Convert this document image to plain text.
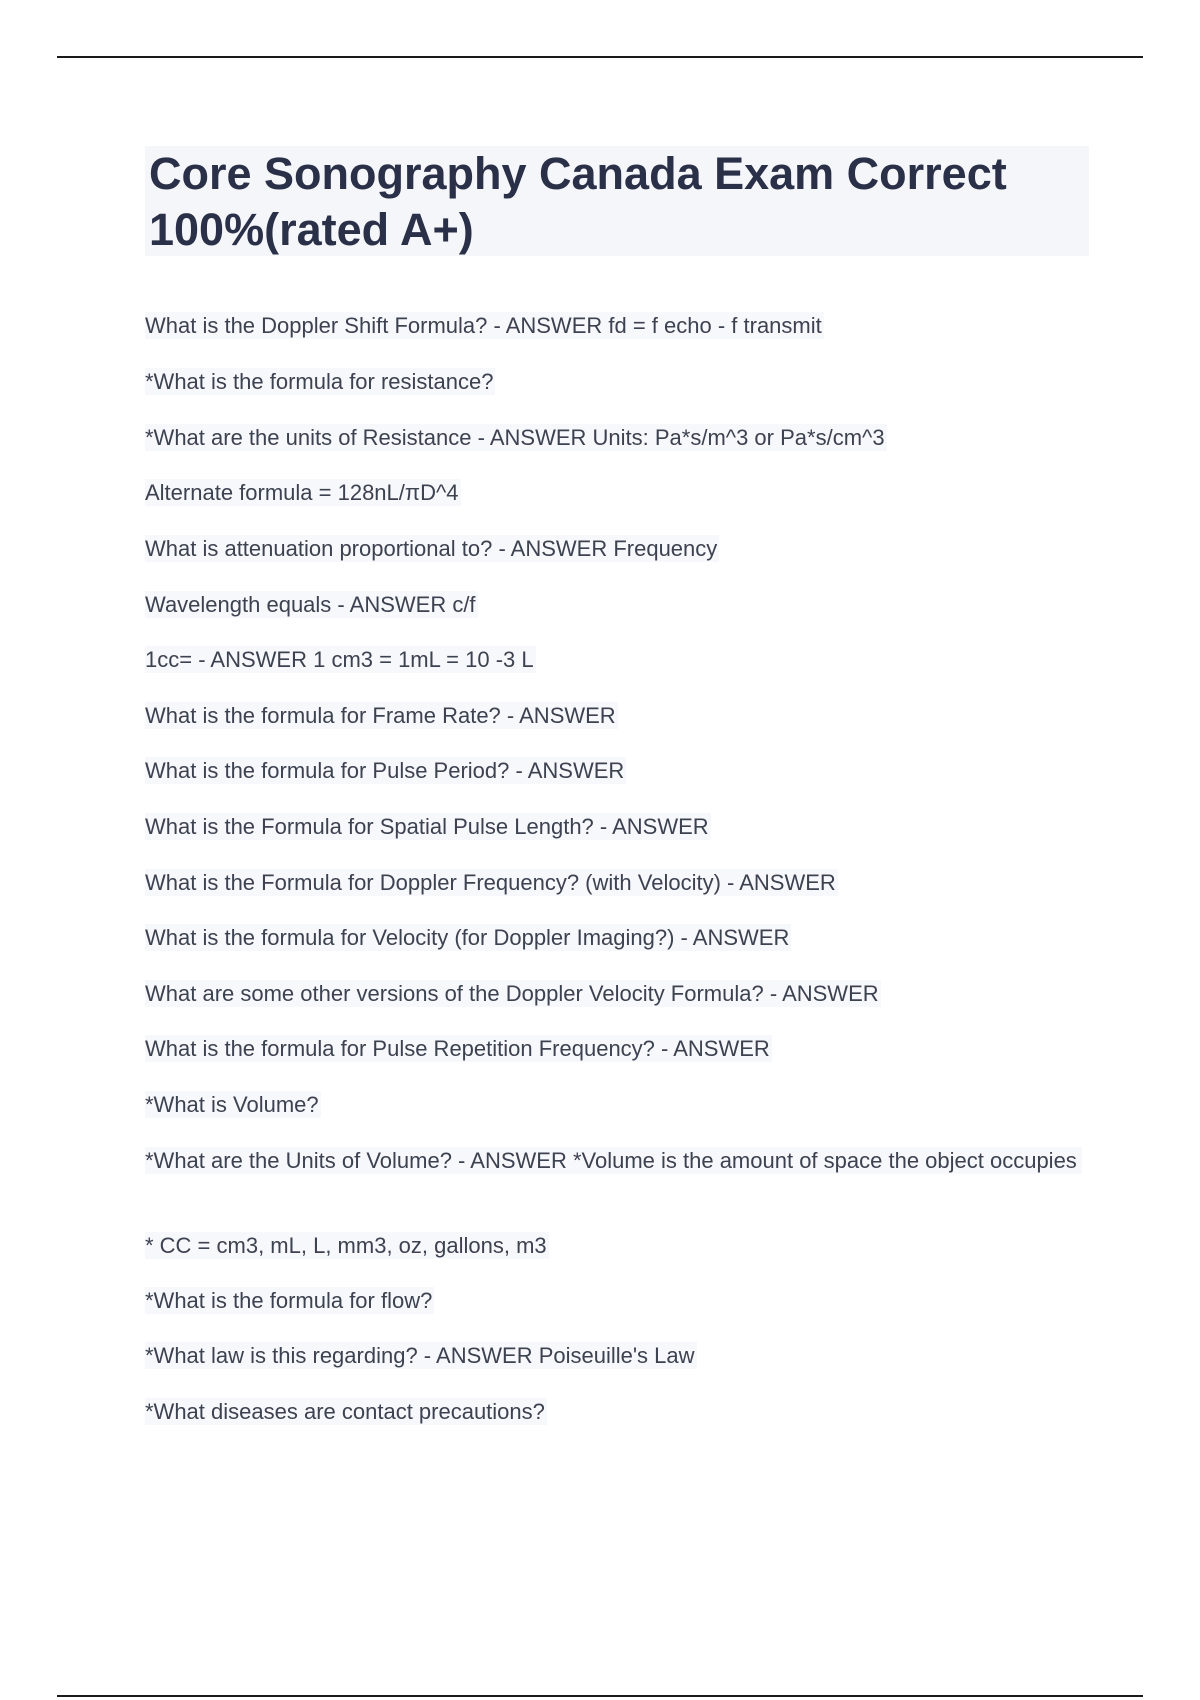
Core Sonography Canada Exam Correct 100%(rated A+)

What is the Doppler Shift Formula? - ANSWER fd = f echo - f transmit

*What is the formula for resistance?

*What are the units of Resistance - ANSWER Units: Pa*s/m^3 or Pa*s/cm^3

Alternate formula = 128nL/πD^4

What is attenuation proportional to? - ANSWER Frequency

Wavelength equals - ANSWER c/f

1cc= - ANSWER 1 cm3 = 1mL = 10 -3 L

What is the formula for Frame Rate? - ANSWER

What is the formula for Pulse Period? - ANSWER

What is the Formula for Spatial Pulse Length? - ANSWER

What is the Formula for Doppler Frequency? (with Velocity) - ANSWER

What is the formula for Velocity (for Doppler Imaging?) - ANSWER

What are some other versions of the Doppler Velocity Formula? - ANSWER

What is the formula for Pulse Repetition Frequency? - ANSWER

*What is Volume?

*What are the Units of Volume? - ANSWER *Volume is the amount of space the object occupies

* CC = cm3, mL, L, mm3, oz, gallons, m3

*What is the formula for flow?

*What law is this regarding? - ANSWER Poiseuille's Law

*What diseases are contact precautions?
